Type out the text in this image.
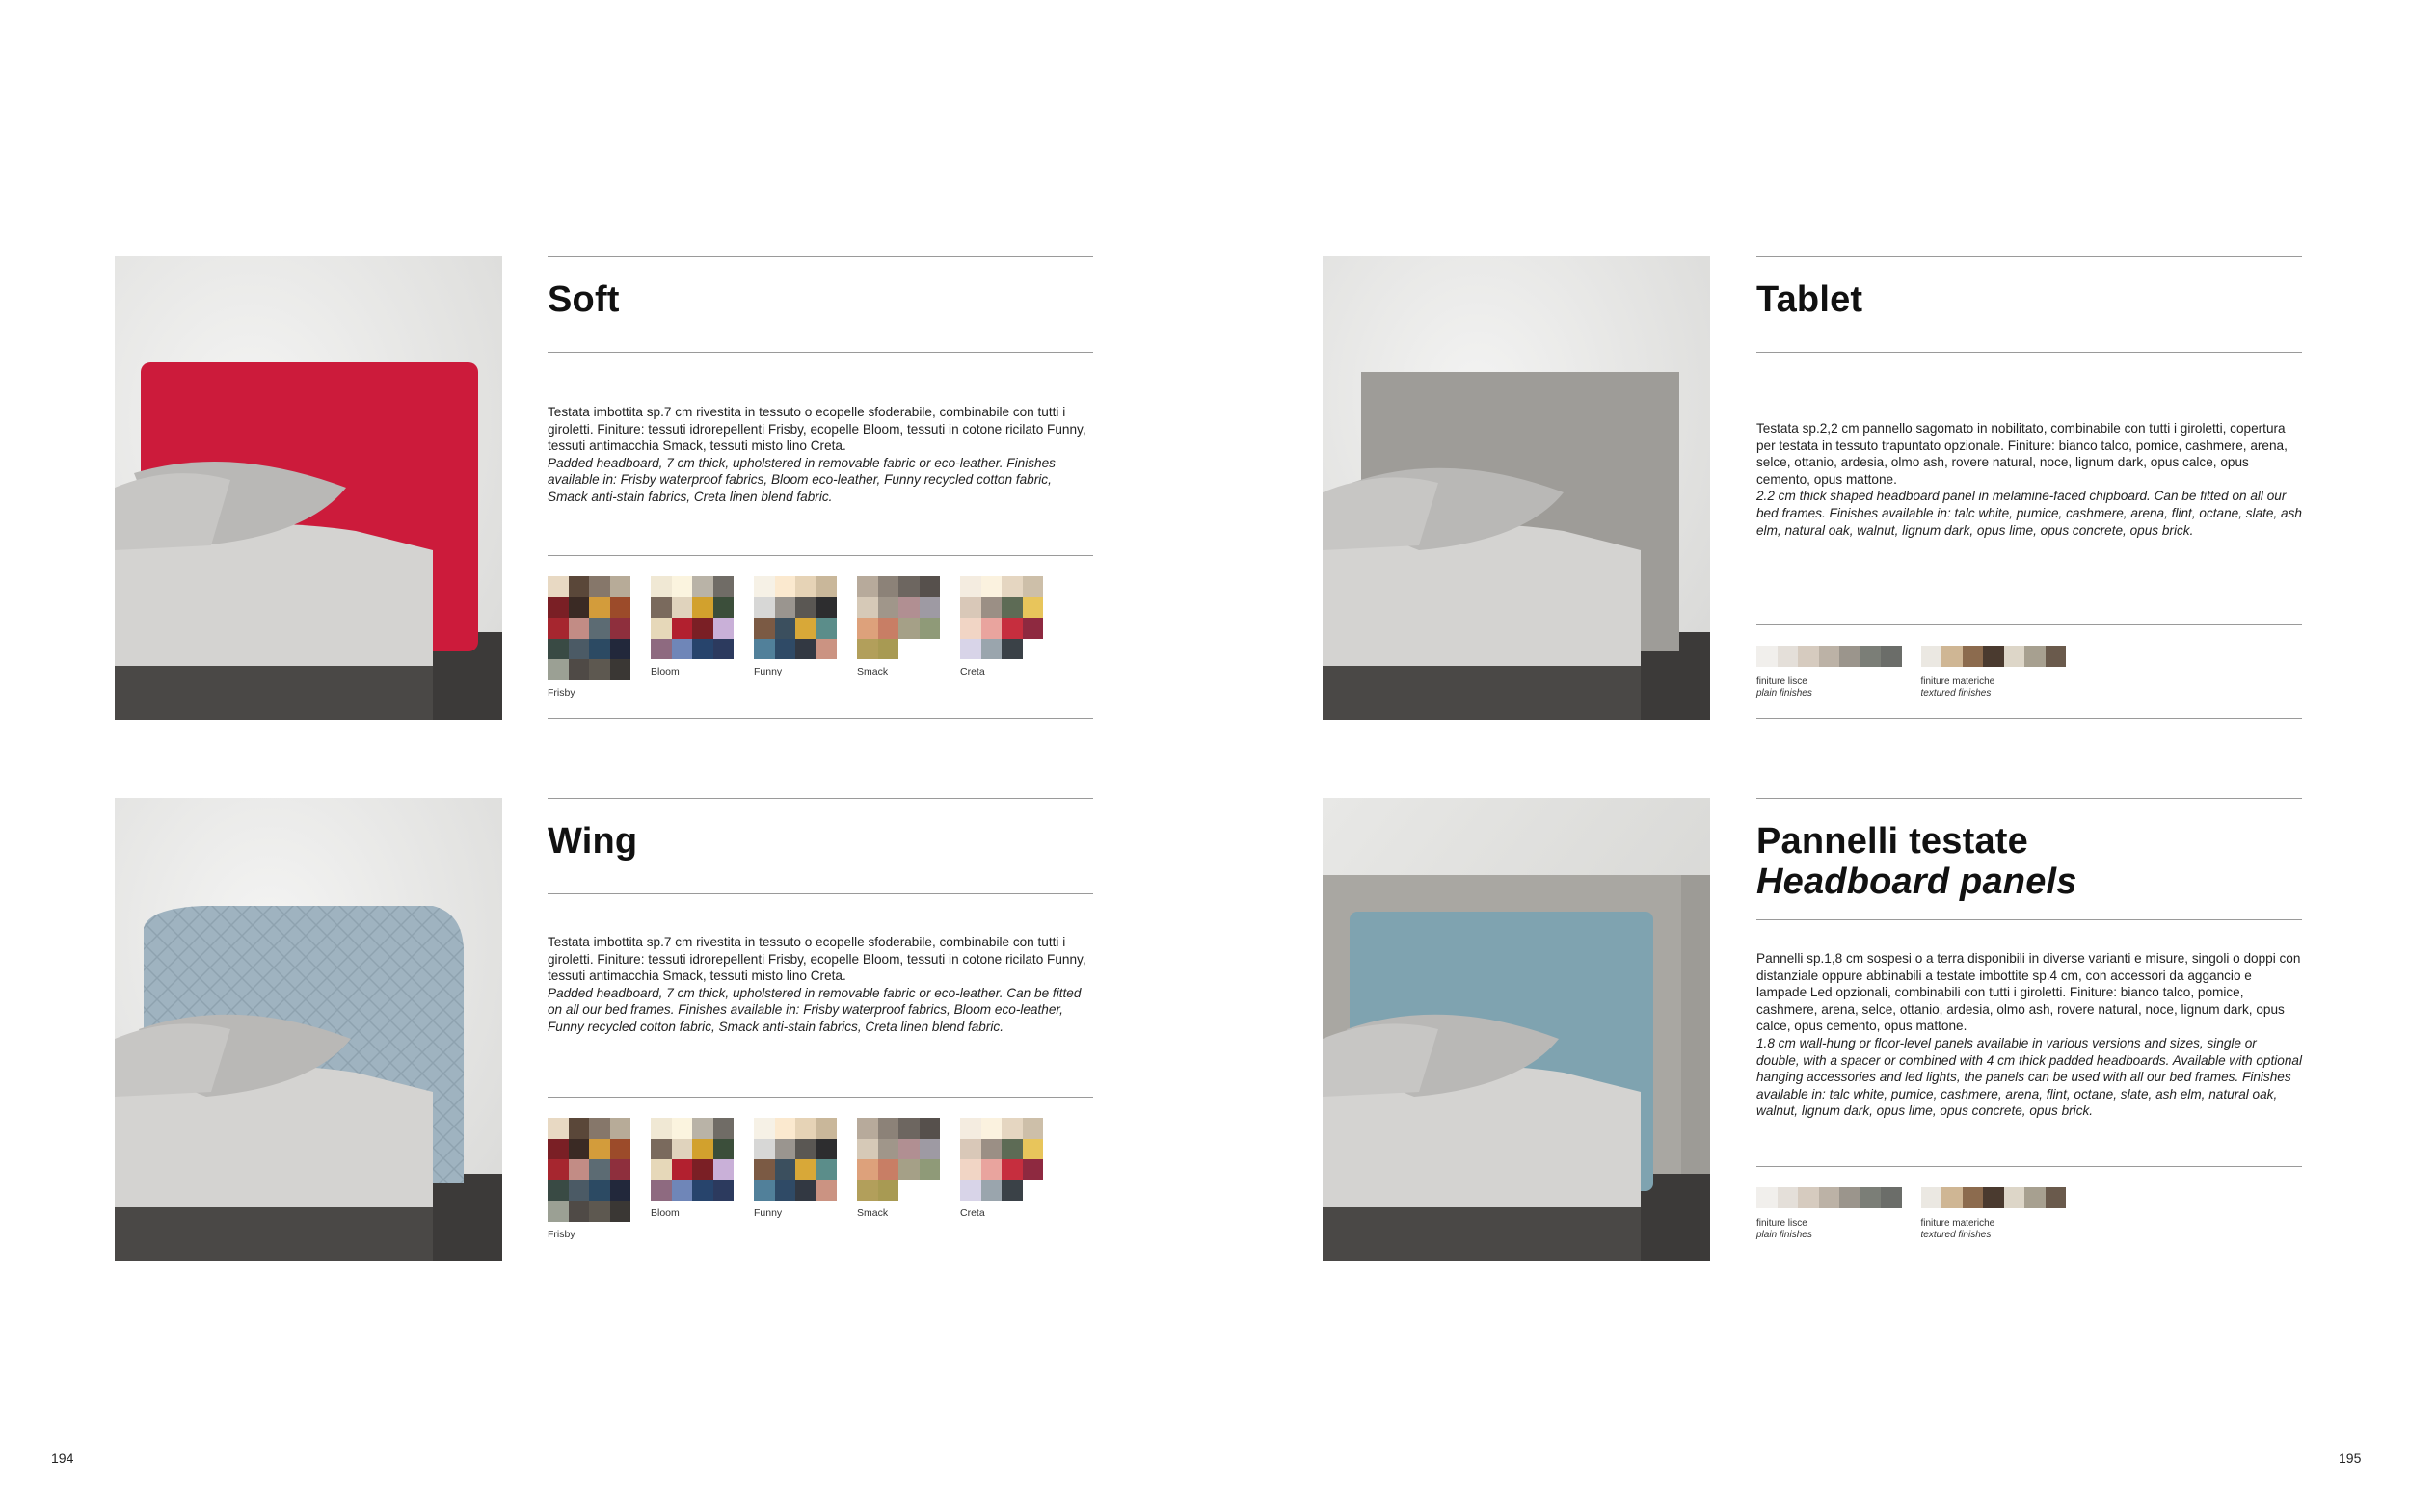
Soft

Testata imbottita sp.7 cm rivestita in tessuto o ecopelle sfoderabile, combinabile con tutti i giroletti. Finiture: tessuti idrorepellenti Frisby, ecopelle Bloom, tessuti in cotone ricilato Funny, tessuti antimacchia Smack, tessuti misto lino Creta.

Padded headboard, 7 cm thick, upholstered in removable fabric or eco-leather. Finishes available in: Frisby waterproof fabrics, Bloom eco-leather, Funny recycled cotton fabric, Smack anti-stain fabrics, Creta linen blend fabric.

Frisby
Bloom	Funny	Smack	Creta
Tablet

Testata sp.2,2 cm pannello sagomato in nobilitato, combinabile con tutti i giroletti, copertura per testata in tessuto trapuntato opzionale. Finiture: bianco talco, pomice, cashmere, arena, selce, ottanio, ardesia, olmo ash, rovere natural, noce, lignum dark, opus calce, opus cemento, opus mattone.

2.2 cm thick shaped headboard panel in melamine-faced chipboard. Can be fitted on all our bed frames. Finishes available in: talc white, pumice, cashmere, arena, flint, octane, slate, ash elm, natural oak, walnut, lignum dark, opus lime, opus concrete, opus brick.

finiture lisce
plain finishes
finiture materiche
textured finishes
Wing

Testata imbottita sp.7 cm rivestita in tessuto o ecopelle sfoderabile, combinabile con tutti i giroletti. Finiture: tessuti idrorepellenti Frisby, ecopelle Bloom, tessuti in cotone ricilato Funny, tessuti antimacchia Smack, tessuti misto lino Creta.

Padded headboard, 7 cm thick, upholstered in removable fabric or eco-leather. Can be fitted on all our bed frames. Finishes available in: Frisby waterproof fabrics, Bloom eco-leather, Funny recycled cotton fabric, Smack anti-stain fabrics, Creta linen blend fabric.

Frisby
Bloom	Funny	Smack	Creta
Pannelli testate
Headboard panels

Pannelli sp.1,8 cm sospesi o a terra disponibili in diverse varianti e misure, singoli o doppi con distanziale oppure abbinabili a testate imbottite sp.4 cm, con accessori da aggancio e lampade Led opzionali, combinabili con tutti i giroletti. Finiture: bianco talco, pomice, cashmere, arena, selce, ottanio, ardesia, olmo ash, rovere natural, noce, lignum dark, opus calce, opus cemento, opus mattone.

1.8 cm wall-hung or floor-level panels available in various versions and sizes, single or double, with a spacer or combined with 4 cm thick padded headboards. Available with optional hanging accessories and led lights, the panels can be used with all our bed frames. Finishes available in: talc white, pumice, cashmere, arena, flint, octane, slate, ash elm, natural oak, walnut, lignum dark, opus lime, opus concrete, opus brick.

finiture lisce
plain finishes
finiture materiche
textured finishes
194	195
